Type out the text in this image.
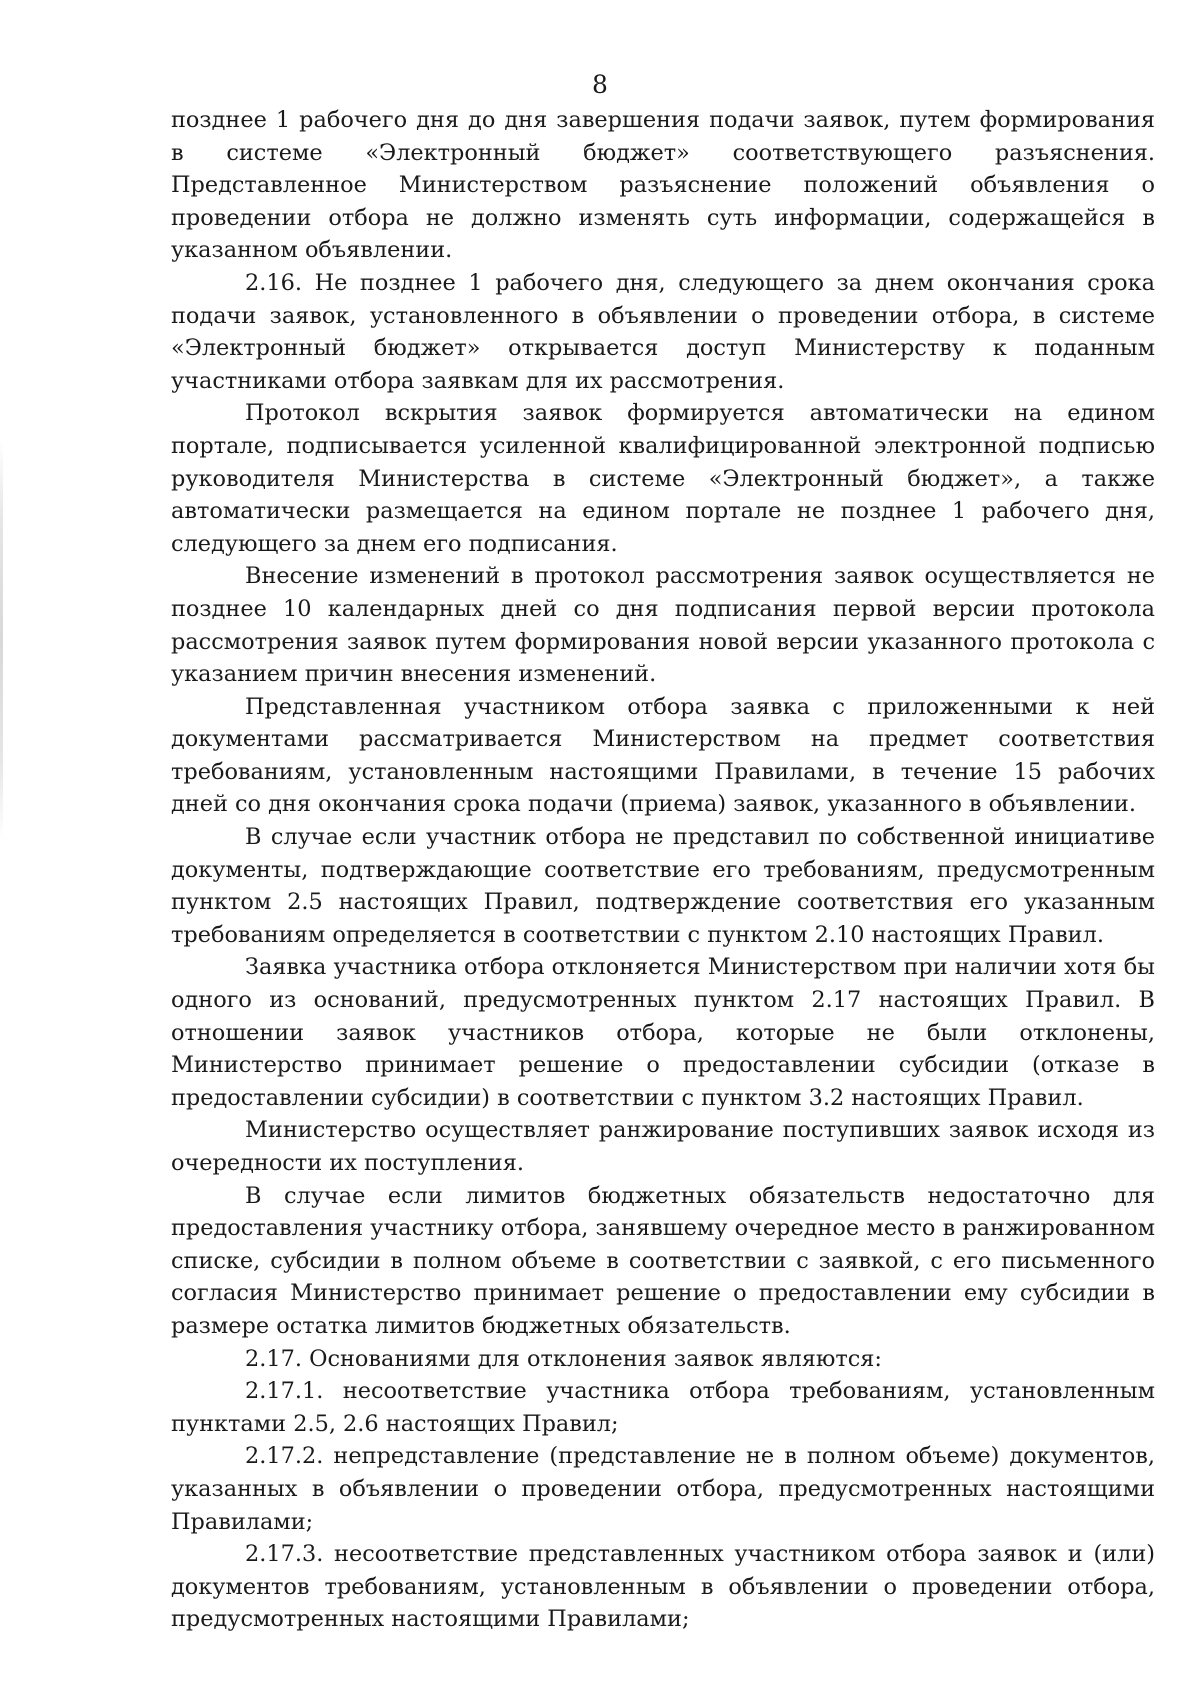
8

позднее 1 рабочего дня до дня завершения подачи заявок, путем формирования в системе «Электронный бюджет» соответствующего разъяснения. Представленное Министерством разъяснение положений объявления о проведении отбора не должно изменять суть информации, содержащейся в указанном объявлении.

2.16. Не позднее 1 рабочего дня, следующего за днем окончания срока подачи заявок, установленного в объявлении о проведении отбора, в системе «Электронный бюджет» открывается доступ Министерству к поданным участниками отбора заявкам для их рассмотрения.

Протокол вскрытия заявок формируется автоматически на едином портале, подписывается усиленной квалифицированной электронной подписью руководителя Министерства в системе «Электронный бюджет», а также автоматически размещается на едином портале не позднее 1 рабочего дня, следующего за днем его подписания.

Внесение изменений в протокол рассмотрения заявок осуществляется не позднее 10 календарных дней со дня подписания первой версии протокола рассмотрения заявок путем формирования новой версии указанного протокола с указанием причин внесения изменений.

Представленная участником отбора заявка с приложенными к ней документами рассматривается Министерством на предмет соответствия требованиям, установленным настоящими Правилами, в течение 15 рабочих дней со дня окончания срока подачи (приема) заявок, указанного в объявлении.

В случае если участник отбора не представил по собственной инициативе документы, подтверждающие соответствие его требованиям, предусмотренным пунктом 2.5 настоящих Правил, подтверждение соответствия его указанным требованиям определяется в соответствии с пунктом 2.10 настоящих Правил.

Заявка участника отбора отклоняется Министерством при наличии хотя бы одного из оснований, предусмотренных пунктом 2.17 настоящих Правил. В отношении заявок участников отбора, которые не были отклонены, Министерство принимает решение о предоставлении субсидии (отказе в предоставлении субсидии) в соответствии с пунктом 3.2 настоящих Правил.

Министерство осуществляет ранжирование поступивших заявок исходя из очередности их поступления.

В случае если лимитов бюджетных обязательств недостаточно для предоставления участнику отбора, занявшему очередное место в ранжированном списке, субсидии в полном объеме в соответствии с заявкой, с его письменного согласия Министерство принимает решение о предоставлении ему субсидии в размере остатка лимитов бюджетных обязательств.

2.17. Основаниями для отклонения заявок являются:

2.17.1. несоответствие участника отбора требованиям, установленным пунктами 2.5, 2.6 настоящих Правил;

2.17.2. непредставление (представление не в полном объеме) документов, указанных в объявлении о проведении отбора, предусмотренных настоящими Правилами;

2.17.3. несоответствие представленных участником отбора заявок и (или) документов требованиям, установленным в объявлении о проведении отбора, предусмотренных настоящими Правилами;
